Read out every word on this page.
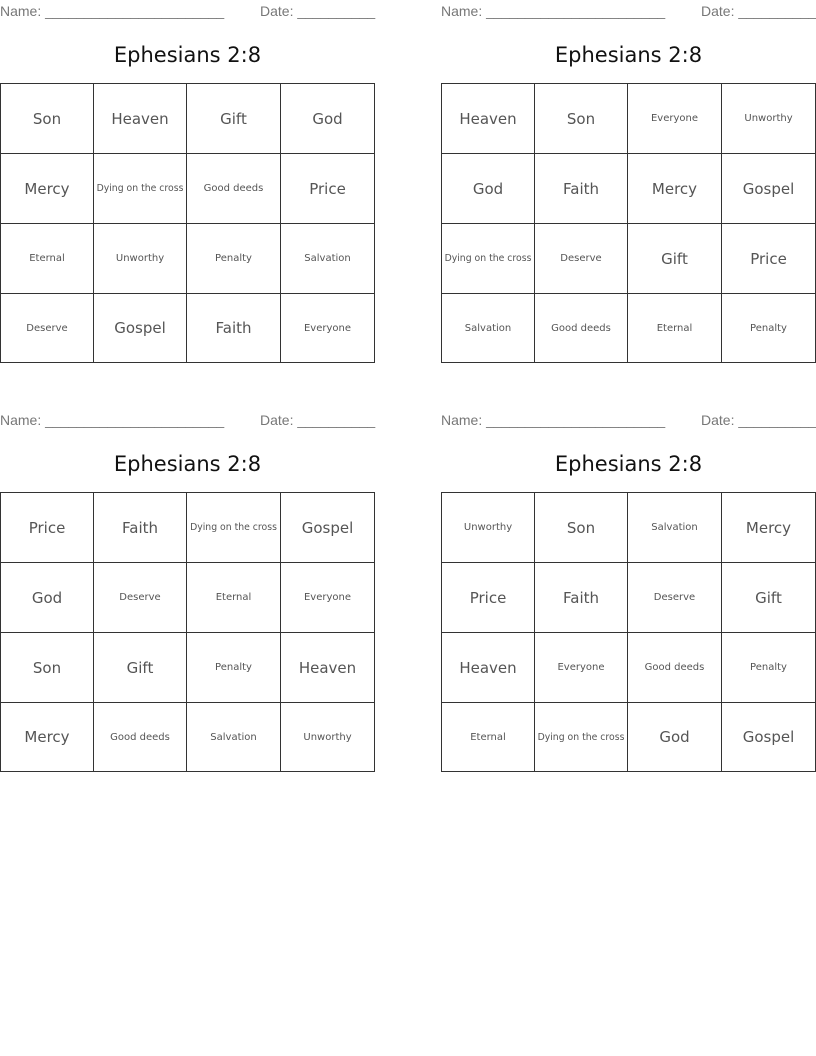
Name: _______________________	Date: __________
Ephesians 2:8
Son	Heaven	Gift	God
Mercy	Dying on the cross	Good deeds	Price
Eternal	Unworthy	Penalty	Salvation
Deserve	Gospel	Faith	Everyone
Name: _______________________	Date: __________
Ephesians 2:8
Heaven	Son	Everyone	Unworthy
God	Faith	Mercy	Gospel
Dying on the cross	Deserve	Gift	Price
Salvation	Good deeds	Eternal	Penalty
Name: _______________________	Date: __________
Ephesians 2:8
Price	Faith	Dying on the cross	Gospel
God	Deserve	Eternal	Everyone
Son	Gift	Penalty	Heaven
Mercy	Good deeds	Salvation	Unworthy
Name: _______________________	Date: __________
Ephesians 2:8
Unworthy	Son	Salvation	Mercy
Price	Faith	Deserve	Gift
Heaven	Everyone	Good deeds	Penalty
Eternal	Dying on the cross	God	Gospel
